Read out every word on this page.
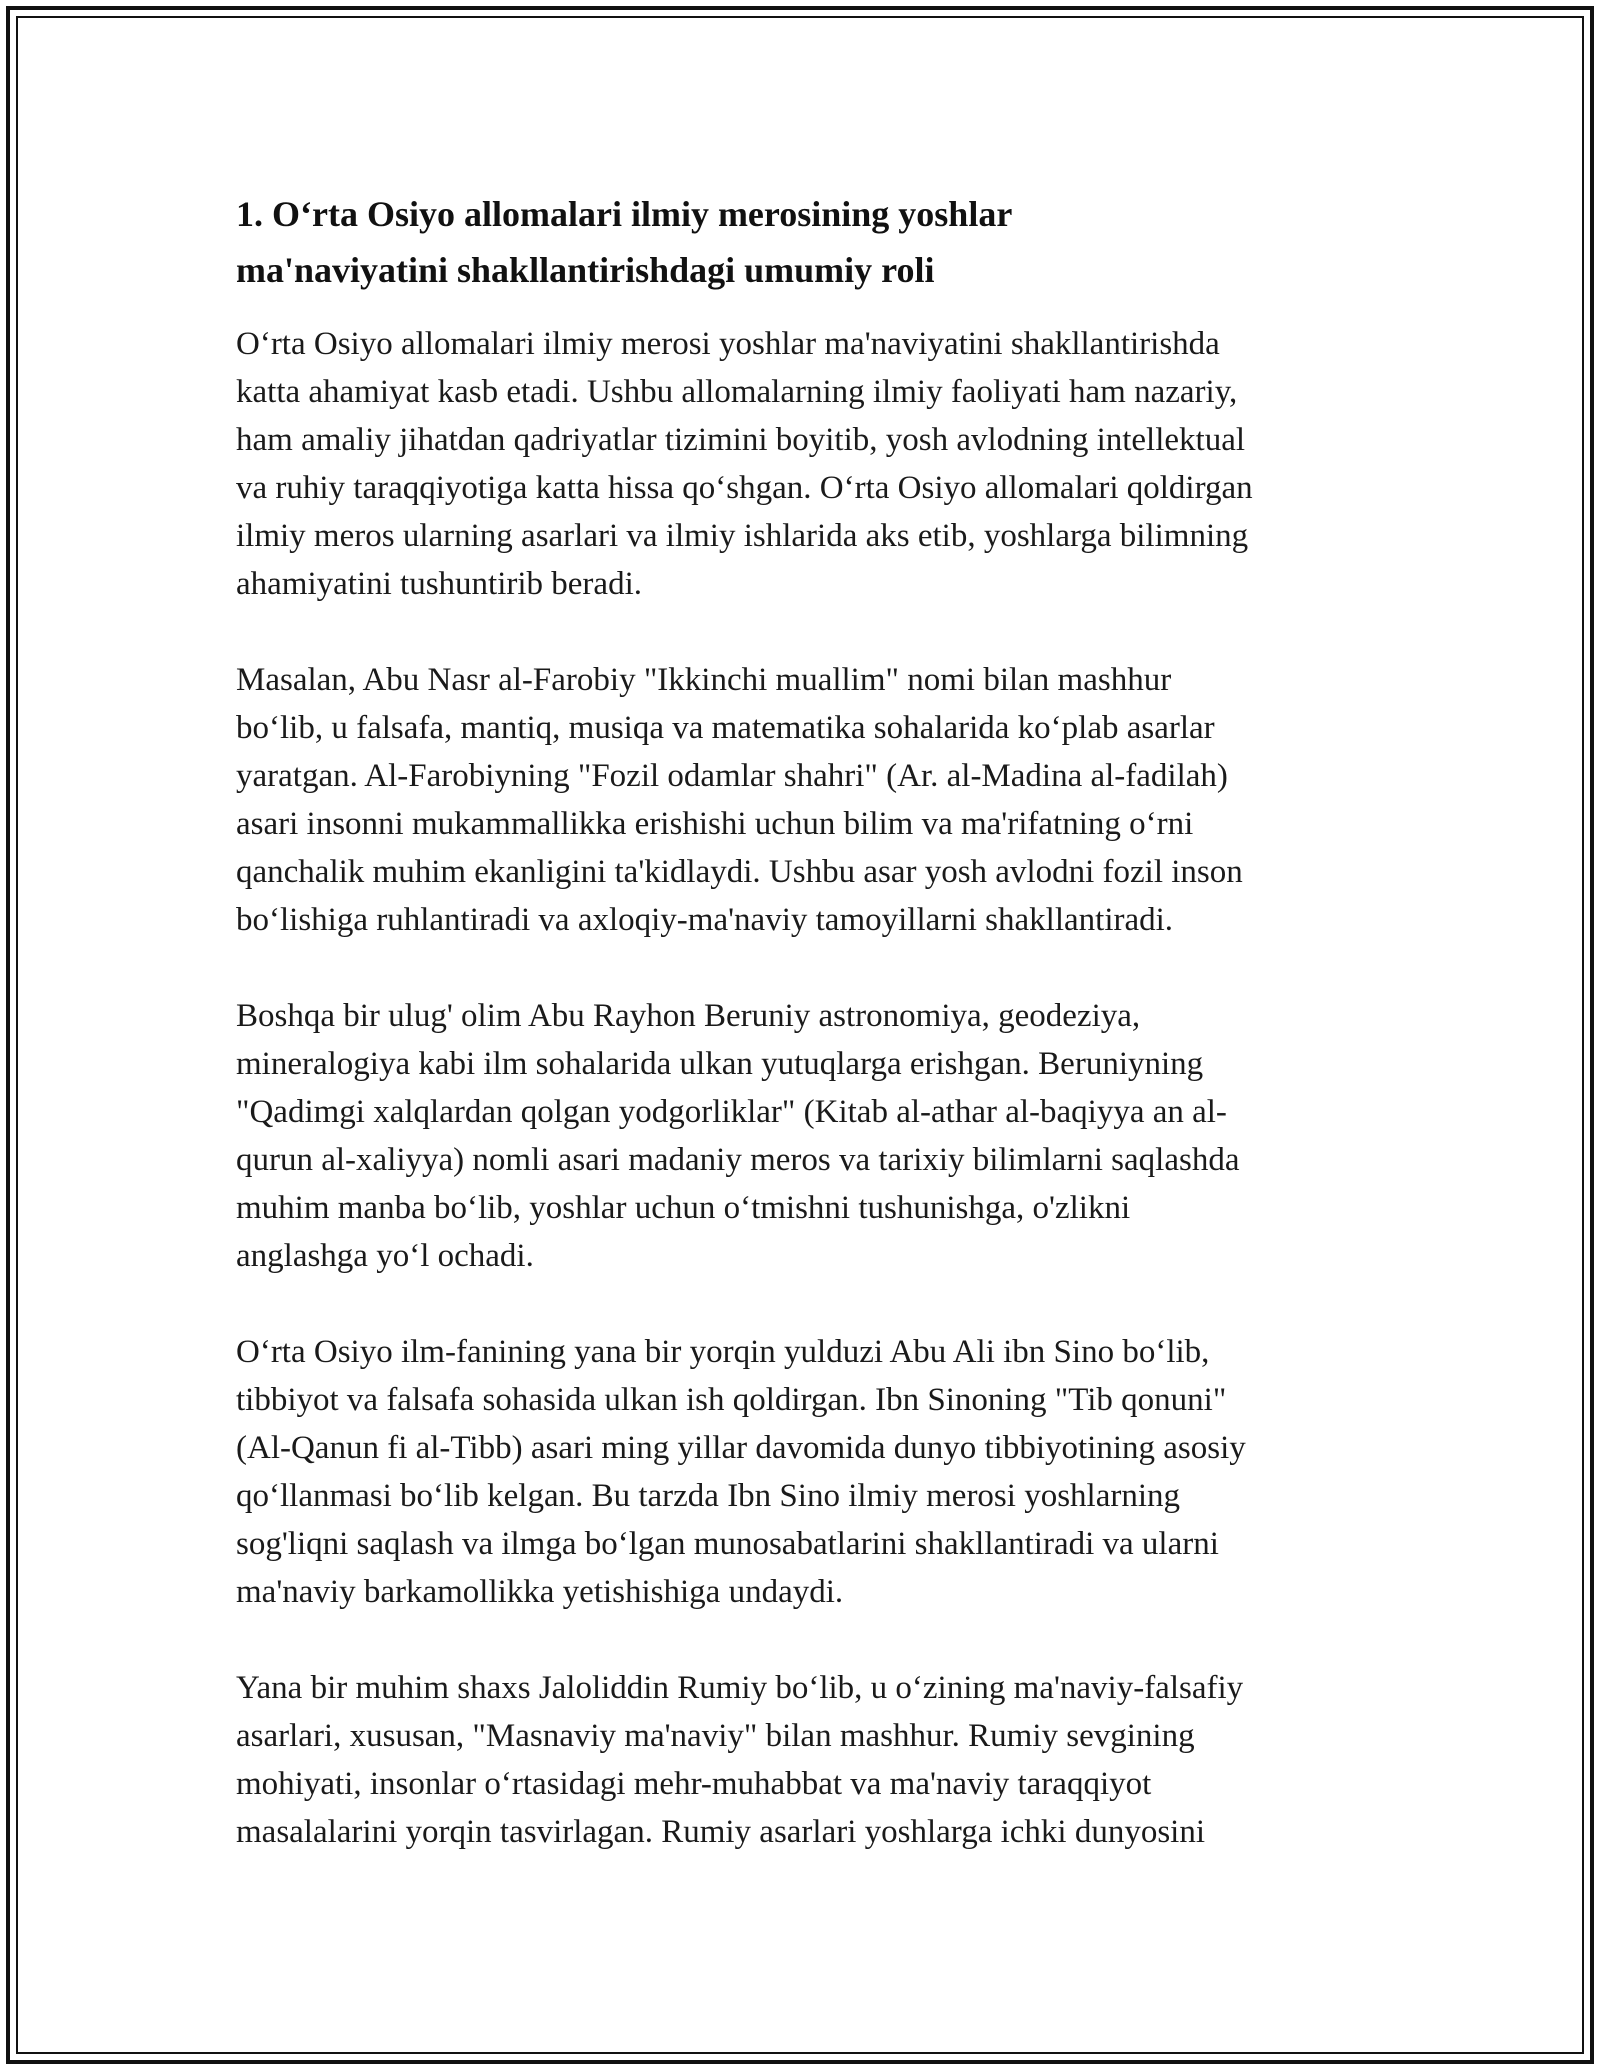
1. O‘rta Osiyo allomalari ilmiy merosining yoshlar
ma'naviyatini shakllantirishdagi umumiy roli
O‘rta Osiyo allomalari ilmiy merosi yoshlar ma'naviyatini shakllantirishda
katta ahamiyat kasb etadi. Ushbu allomalarning ilmiy faoliyati ham nazariy,
ham amaliy jihatdan qadriyatlar tizimini boyitib, yosh avlodning intellektual
va ruhiy taraqqiyotiga katta hissa qo‘shgan. O‘rta Osiyo allomalari qoldirgan
ilmiy meros ularning asarlari va ilmiy ishlarida aks etib, yoshlarga bilimning
ahamiyatini tushuntirib beradi.
Masalan, Abu Nasr al-Farobiy "Ikkinchi muallim" nomi bilan mashhur
bo‘lib, u falsafa, mantiq, musiqa va matematika sohalarida ko‘plab asarlar
yaratgan. Al-Farobiyning "Fozil odamlar shahri" (Ar. al-Madina al-fadilah)
asari insonni mukammallikka erishishi uchun bilim va ma'rifatning o‘rni
qanchalik muhim ekanligini ta'kidlaydi. Ushbu asar yosh avlodni fozil inson
bo‘lishiga ruhlantiradi va axloqiy-ma'naviy tamoyillarni shakllantiradi.
Boshqa bir ulug' olim Abu Rayhon Beruniy astronomiya, geodeziya,
mineralogiya kabi ilm sohalarida ulkan yutuqlarga erishgan. Beruniyning
"Qadimgi xalqlardan qolgan yodgorliklar" (Kitab al-athar al-baqiyya an al-
qurun al-xaliyya) nomli asari madaniy meros va tarixiy bilimlarni saqlashda
muhim manba bo‘lib, yoshlar uchun o‘tmishni tushunishga, o'zlikni
anglashga yo‘l ochadi.
O‘rta Osiyo ilm-fanining yana bir yorqin yulduzi Abu Ali ibn Sino bo‘lib,
tibbiyot va falsafa sohasida ulkan ish qoldirgan. Ibn Sinoning "Tib qonuni"
(Al-Qanun fi al-Tibb) asari ming yillar davomida dunyo tibbiyotining asosiy
qo‘llanmasi bo‘lib kelgan. Bu tarzda Ibn Sino ilmiy merosi yoshlarning
sog'liqni saqlash va ilmga bo‘lgan munosabatlarini shakllantiradi va ularni
ma'naviy barkamollikka yetishishiga undaydi.
Yana bir muhim shaxs Jaloliddin Rumiy bo‘lib, u o‘zining ma'naviy-falsafiy
asarlari, xususan, "Masnaviy ma'naviy" bilan mashhur. Rumiy sevgining
mohiyati, insonlar o‘rtasidagi mehr-muhabbat va ma'naviy taraqqiyot
masalalarini yorqin tasvirlagan. Rumiy asarlari yoshlarga ichki dunyosini
